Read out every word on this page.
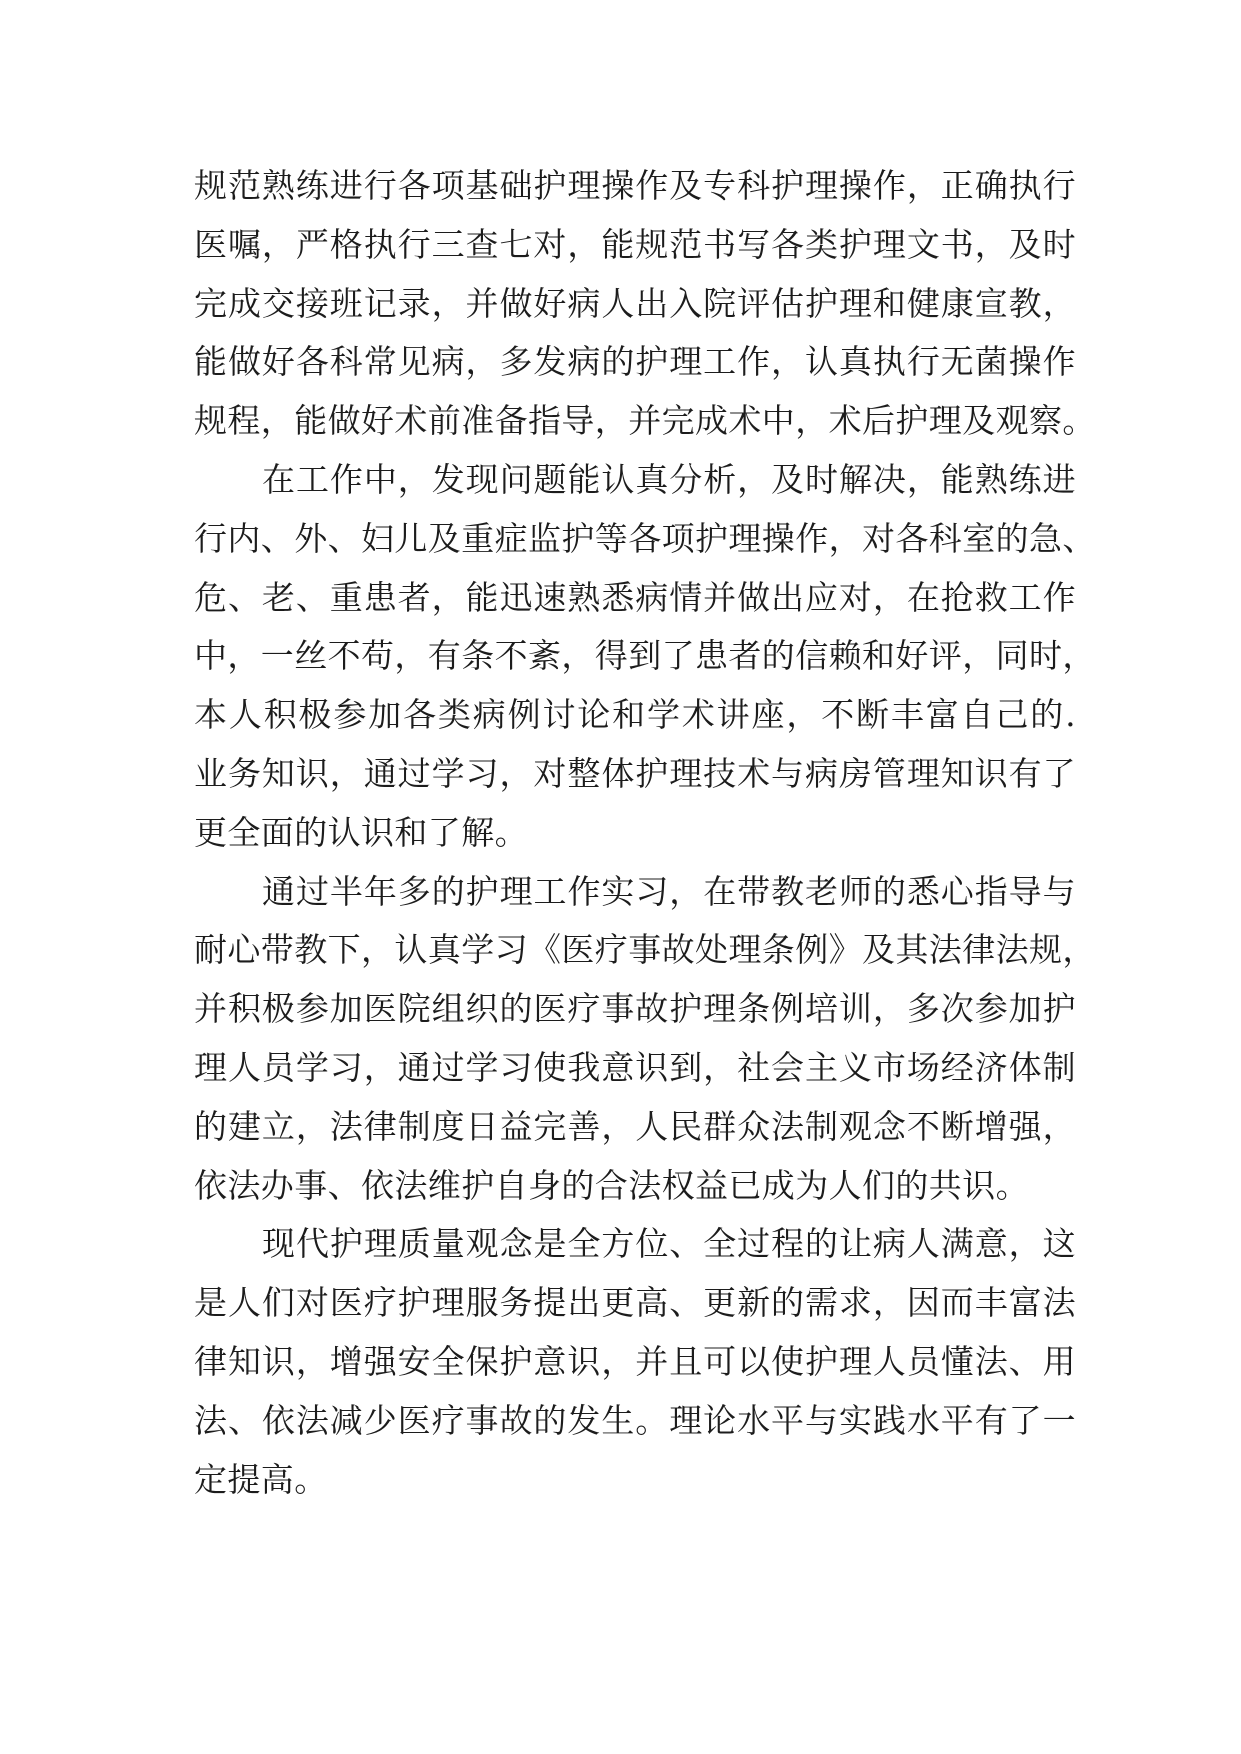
规范熟练进行各项基础护理操作及专科护理操作，正确执行
医嘱，严格执行三查七对，能规范书写各类护理文书，及时
完成交接班记录，并做好病人出入院评估护理和健康宣教，
能做好各科常见病，多发病的护理工作，认真执行无菌操作
规程，能做好术前准备指导，并完成术中，术后护理及观察。
在工作中，发现问题能认真分析，及时解决，能熟练进
行内、外、妇儿及重症监护等各项护理操作，对各科室的急、
危、老、重患者，能迅速熟悉病情并做出应对，在抢救工作
中，一丝不苟，有条不紊，得到了患者的信赖和好评，同时，
本人积极参加各类病例讨论和学术讲座，不断丰富自己的.
业务知识，通过学习，对整体护理技术与病房管理知识有了
更全面的认识和了解。
通过半年多的护理工作实习，在带教老师的悉心指导与
耐心带教下，认真学习《医疗事故处理条例》及其法律法规，
并积极参加医院组织的医疗事故护理条例培训，多次参加护
理人员学习，通过学习使我意识到，社会主义市场经济体制
的建立，法律制度日益完善，人民群众法制观念不断增强，
依法办事、依法维护自身的合法权益已成为人们的共识。
现代护理质量观念是全方位、全过程的让病人满意，这
是人们对医疗护理服务提出更高、更新的需求，因而丰富法
律知识，增强安全保护意识，并且可以使护理人员懂法、用
法、依法减少医疗事故的发生。理论水平与实践水平有了一
定提高。
